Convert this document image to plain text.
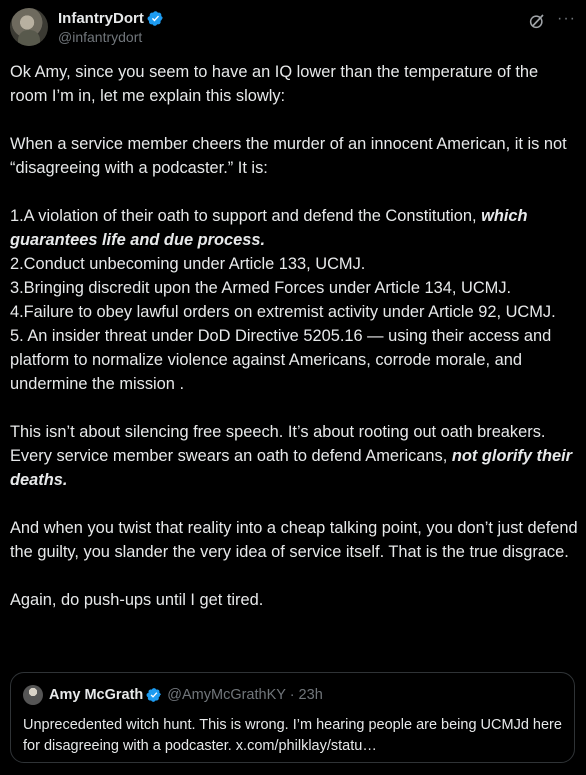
InfantryDort
@infantrydort
···

Ok Amy, since you seem to have an IQ lower than the temperature of the room I’m in, let me explain this slowly:

When a service member cheers the murder of an innocent American, it is not “disagreeing with a podcaster.” It is:

1.A violation of their oath to support and defend the Constitution, which guarantees life and due process.

2.Conduct unbecoming under Article 133, UCMJ.

3.Bringing discredit upon the Armed Forces under Article 134, UCMJ.

4.Failure to obey lawful orders on extremist activity under Article 92, UCMJ.

5. An insider threat under DoD Directive 5205.16 — using their access and platform to normalize violence against Americans, corrode morale, and undermine the mission .

This isn’t about silencing free speech. It’s about rooting out oath breakers. Every service member swears an oath to defend Americans, not glorify their deaths.

And when you twist that reality into a cheap talking point, you don’t just defend the guilty, you slander the very idea of service itself. That is the true disgrace.

Again, do push-ups until I get tired.

Amy McGrath @AmyMcGrathKY · 23h
Unprecedented witch hunt. This is wrong. I’m hearing people are being UCMJd here for disagreeing with a podcaster. x.com/philklay/statu…
